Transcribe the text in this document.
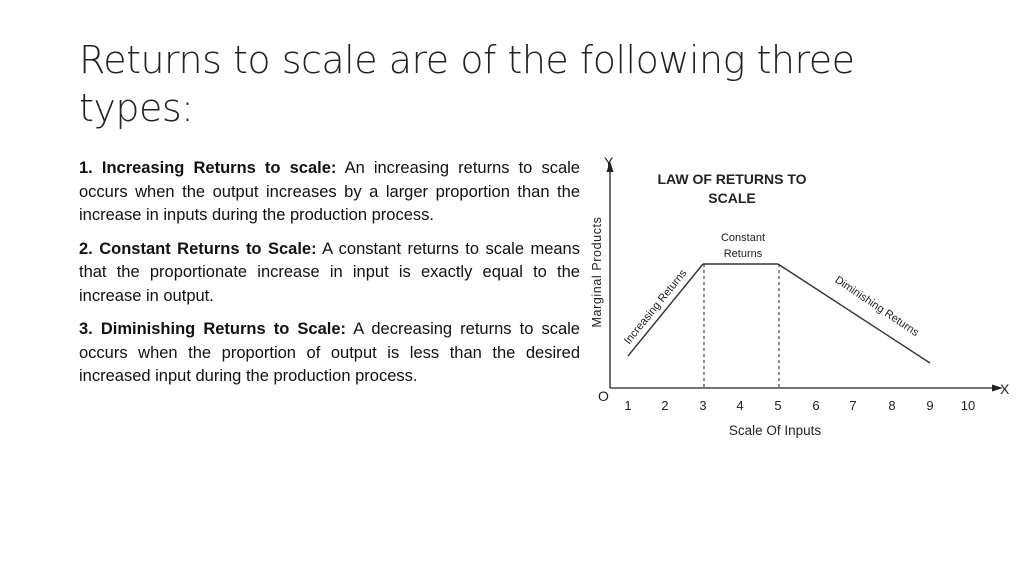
Returns to scale are of the following three types:

1. Increasing Returns to scale: An increasing returns to scale occurs when the output increases by a larger proportion than the increase in inputs during the production process.

2. Constant Returns to Scale: A constant returns to scale means that the proportionate increase in input is exactly equal to the increase in output.

3. Diminishing Returns to Scale: A decreasing returns to scale occurs when the proportion of output is less than the desired increased input during the production process.

Y
X
O
Marginal Products
LAW OF RETURNS TO
SCALE
1 2 3 4 5 6 7 8 9 10
Scale Of Inputs
Constant
Returns
Increasing Returns	Diminishing Returns
